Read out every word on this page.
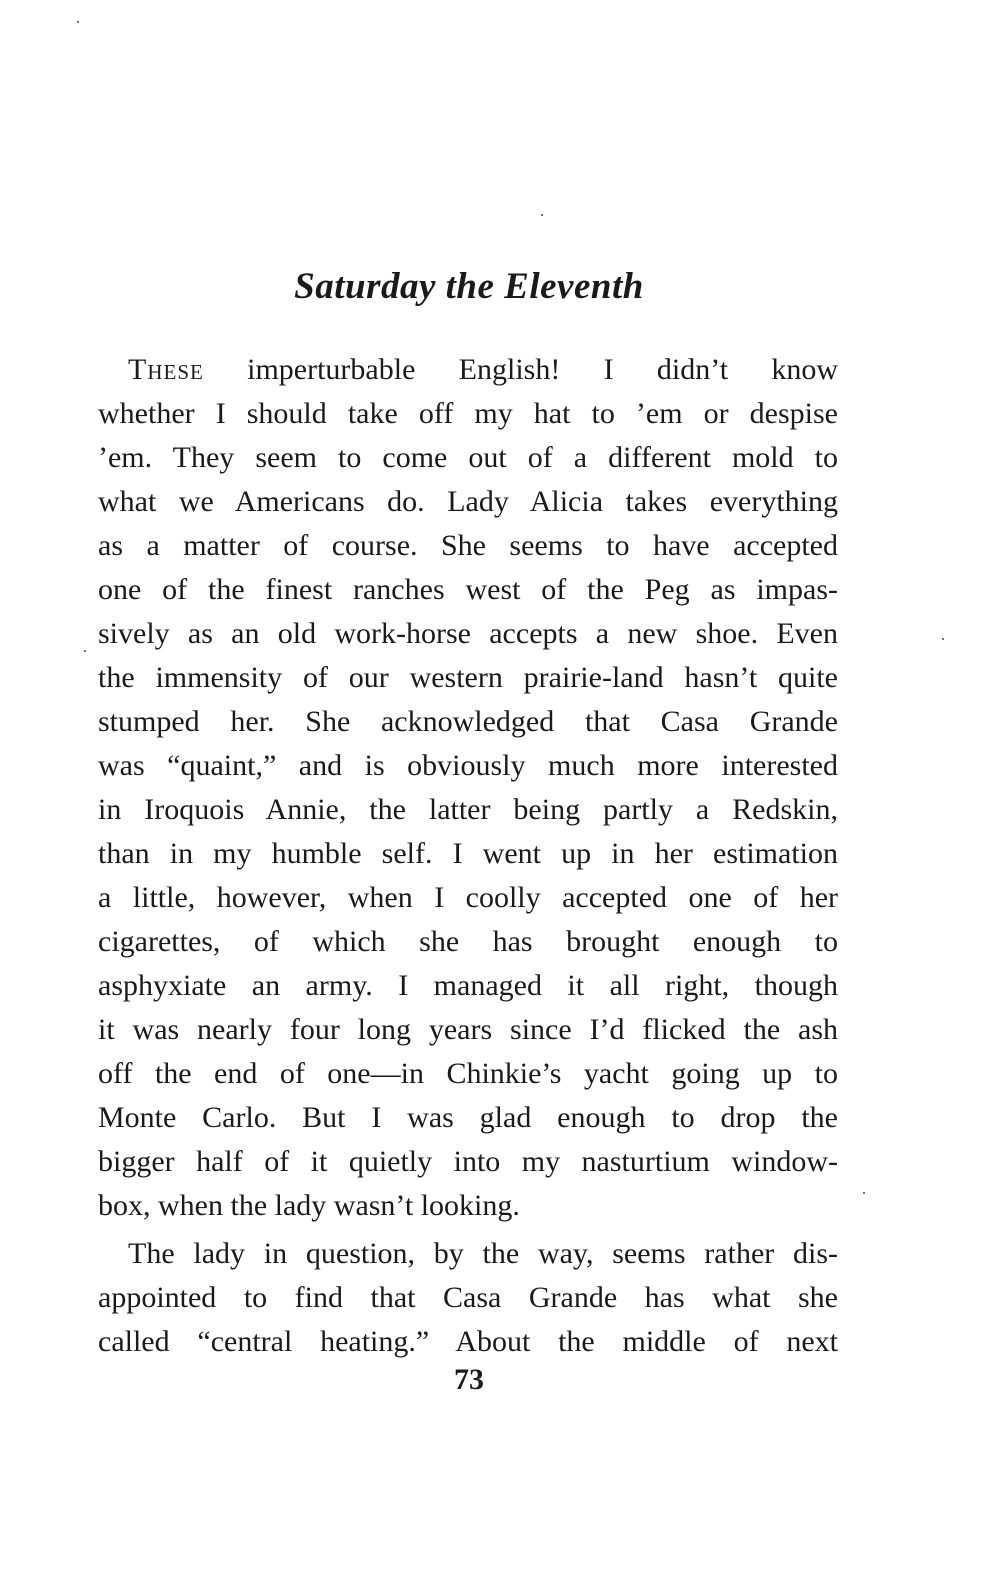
Saturday the Eleventh
These imperturbable English! I didn’t know
whether I should take off my hat to ’em or despise
’em. They seem to come out of a different mold to
what we Americans do. Lady Alicia takes everything
as a matter of course. She seems to have accepted
one of the finest ranches west of the Peg as impas-
sively as an old work-horse accepts a new shoe. Even
the immensity of our western prairie-land hasn’t quite
stumped her. She acknowledged that Casa Grande
was “quaint,” and is obviously much more interested
in Iroquois Annie, the latter being partly a Redskin,
than in my humble self. I went up in her estimation
a little, however, when I coolly accepted one of her
cigarettes, of which she has brought enough to
asphyxiate an army. I managed it all right, though
it was nearly four long years since I’d flicked the ash
off the end of one—in Chinkie’s yacht going up to
Monte Carlo. But I was glad enough to drop the
bigger half of it quietly into my nasturtium window-
box, when the lady wasn’t looking.
The lady in question, by the way, seems rather dis-
appointed to find that Casa Grande has what she
called “central heating.” About the middle of next
73
